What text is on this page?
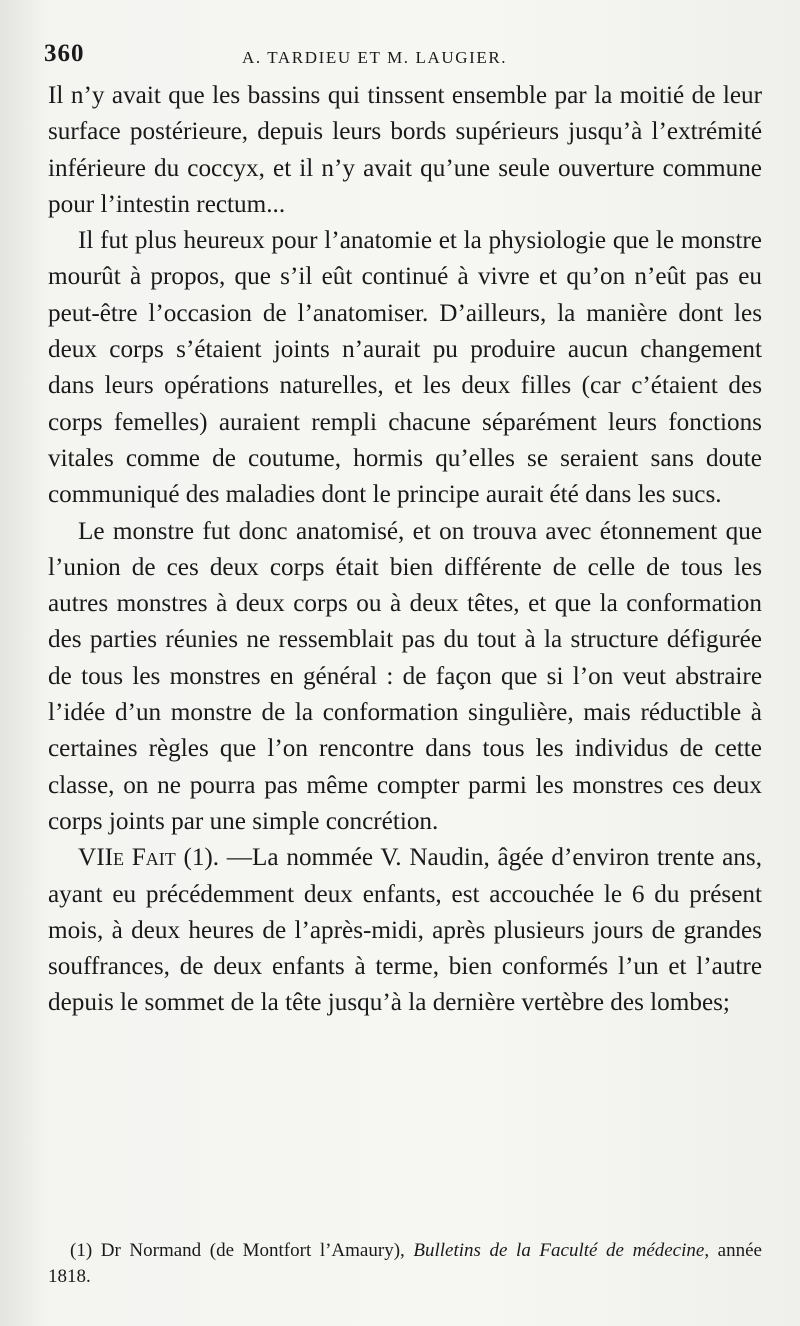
360	A. TARDIEU ET M. LAUGIER.

Il n’y avait que les bassins qui tinssent ensemble par la moitié de leur surface postérieure, depuis leurs bords supérieurs jusqu’à l’extrémité inférieure du coccyx, et il n’y avait qu’une seule ouverture commune pour l’intestin rectum...

Il fut plus heureux pour l’anatomie et la physiologie que le monstre mourût à propos, que s’il eût continué à vivre et qu’on n’eût pas eu peut-être l’occasion de l’anatomiser. D’ailleurs, la manière dont les deux corps s’étaient joints n’aurait pu produire aucun changement dans leurs opérations naturelles, et les deux filles (car c’étaient des corps femelles) auraient rempli chacune séparément leurs fonctions vitales comme de coutume, hormis qu’elles se seraient sans doute communiqué des maladies dont le principe aurait été dans les sucs.

Le monstre fut donc anatomisé, et on trouva avec étonnement que l’union de ces deux corps était bien différente de celle de tous les autres monstres à deux corps ou à deux têtes, et que la conformation des parties réunies ne ressemblait pas du tout à la structure défigurée de tous les monstres en général : de façon que si l’on veut abstraire l’idée d’un monstre de la conformation singulière, mais réductible à certaines règles que l’on rencontre dans tous les individus de cette classe, on ne pourra pas même compter parmi les monstres ces deux corps joints par une simple concrétion.

VIIe Fait (1). —La nommée V. Naudin, âgée d’environ trente ans, ayant eu précédemment deux enfants, est accouchée le 6 du présent mois, à deux heures de l’après-midi, après plusieurs jours de grandes souffrances, de deux enfants à terme, bien conformés l’un et l’autre depuis le sommet de la tête jusqu’à la dernière vertèbre des lombes;

(1) Dr Normand (de Montfort l’Amaury), Bulletins de la Faculté de médecine, année 1818.
